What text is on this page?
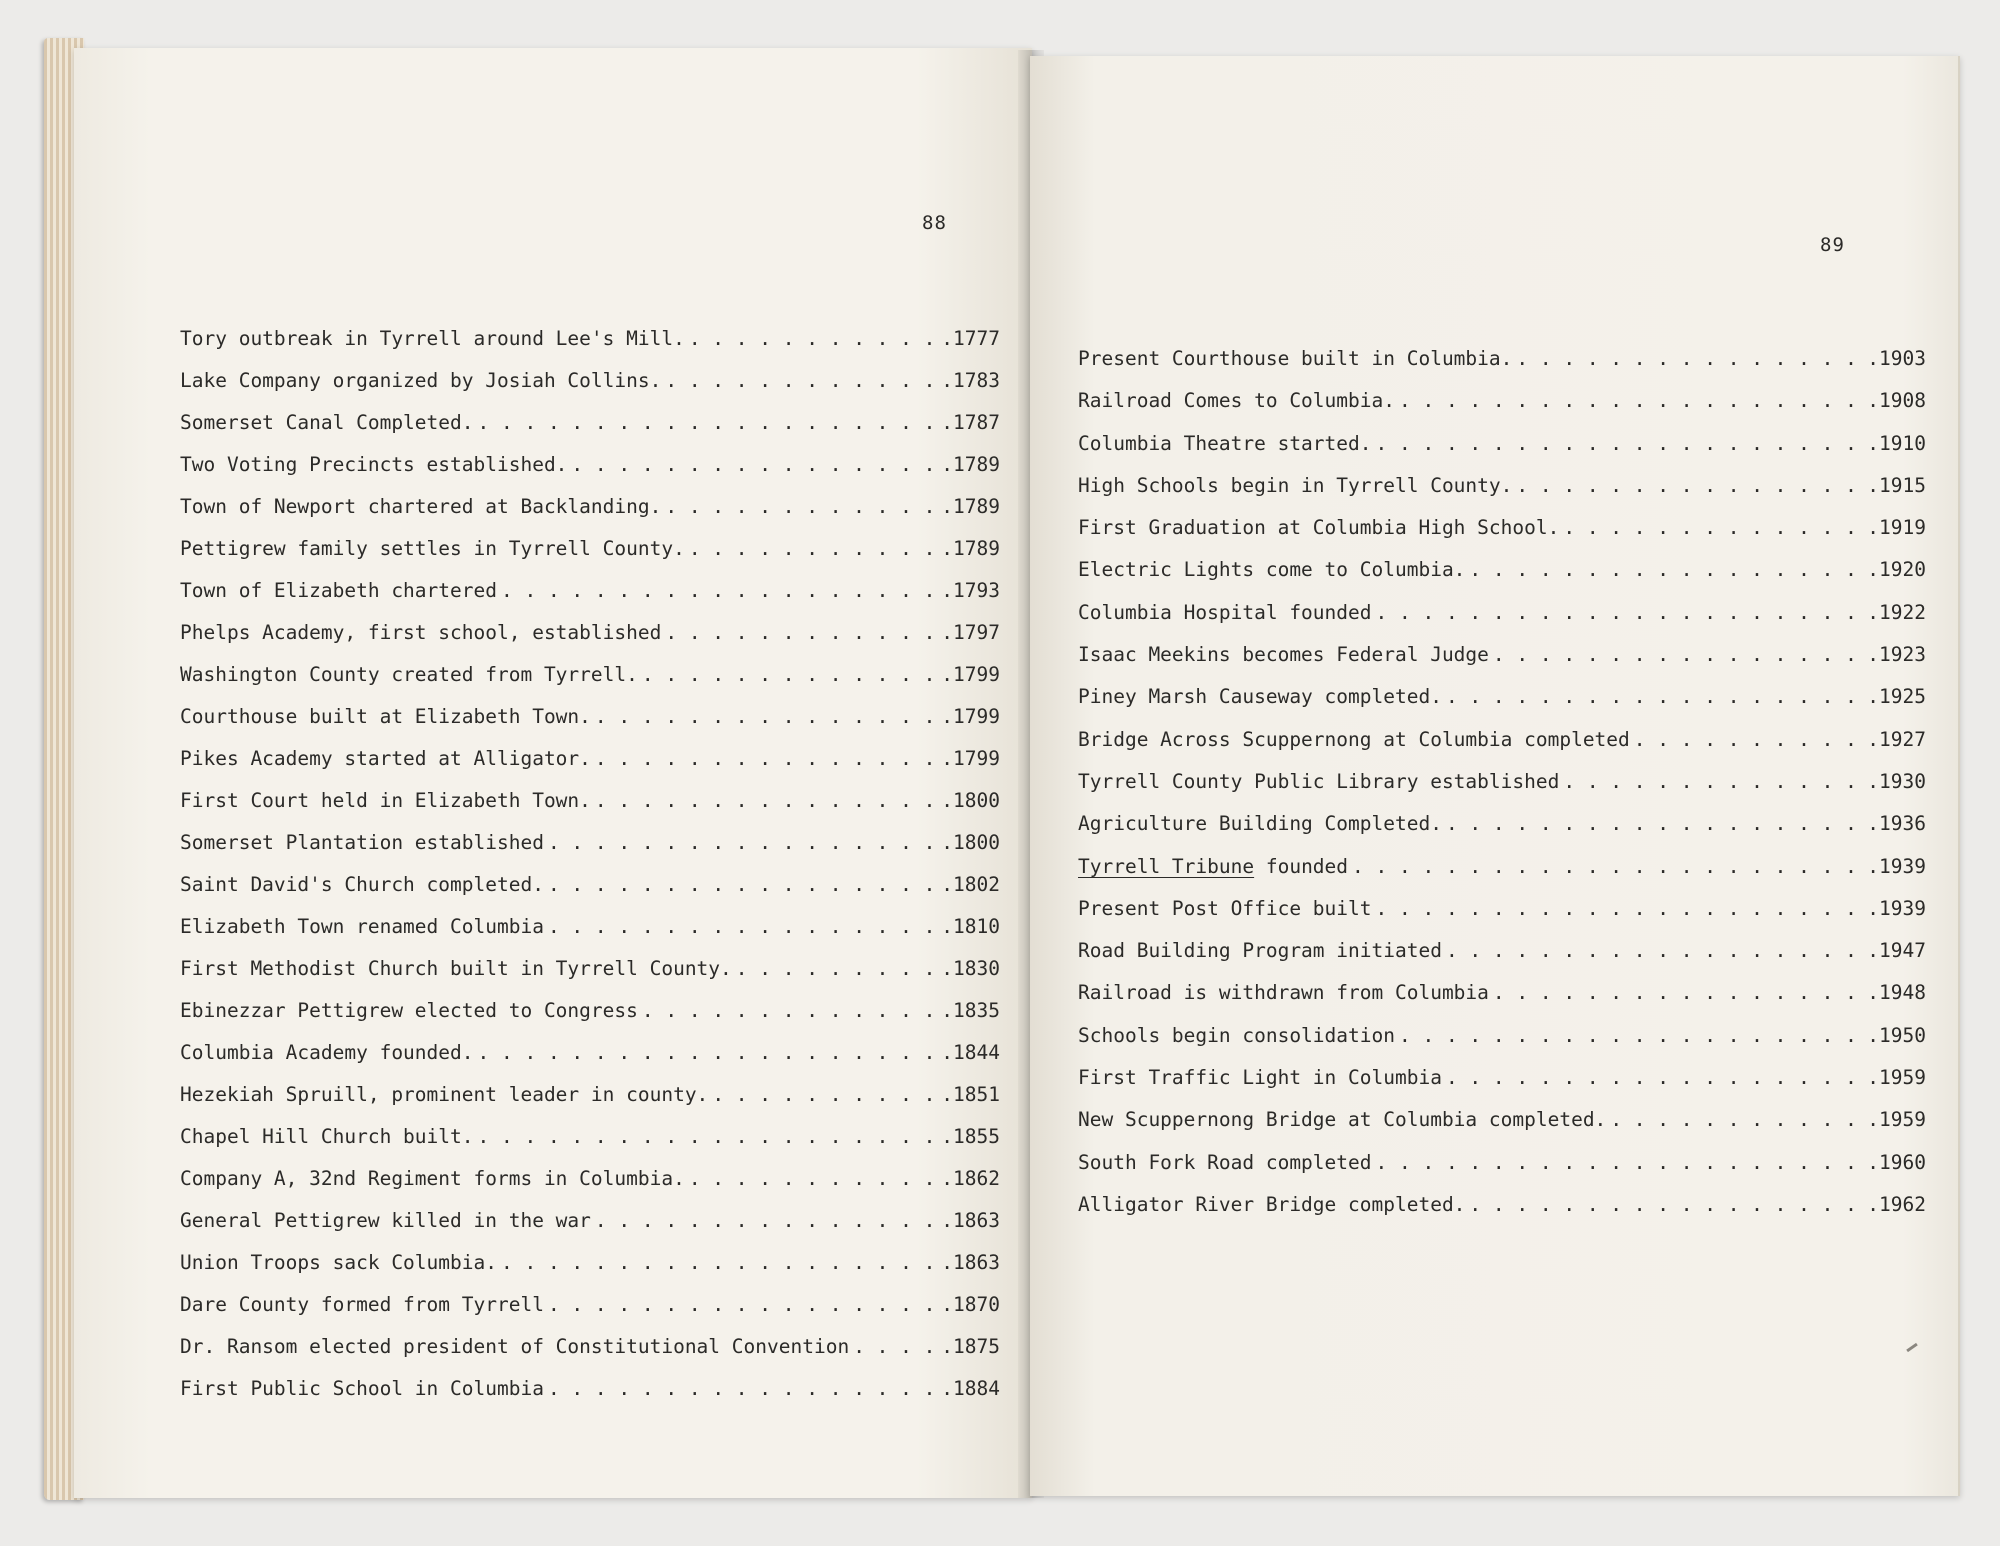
88
Tory outbreak in Tyrrell around Lee's Mill. . . .	.1777
Lake Company organized by Josiah Collins. . . .	.1783
Somerset Canal Completed. . . .	.1787
Two Voting Precincts established. . . .	.1789
Town of Newport chartered at Backlanding. . . .	.1789
Pettigrew family settles in Tyrrell County. . . .	.1789
Town of Elizabeth chartered . . .	.1793
Phelps Academy, first school, established . . .	.1797
Washington County created from Tyrrell. . . .	.1799
Courthouse built at Elizabeth Town. . . .	.1799
Pikes Academy started at Alligator. . . .	.1799
First Court held in Elizabeth Town. . . .	.1800
Somerset Plantation established . . .	.1800
Saint David's Church completed. . . .	.1802
Elizabeth Town renamed Columbia . . .	.1810
First Methodist Church built in Tyrrell County. . . .	.1830
Ebinezzar Pettigrew elected to Congress . . .	.1835
Columbia Academy founded. . . .	.1844
Hezekiah Spruill, prominent leader in county. . . .	.1851
Chapel Hill Church built. . . .	.1855
Company A, 32nd Regiment forms in Columbia. . . .	.1862
General Pettigrew killed in the war . . .	.1863
Union Troops sack Columbia. . . .	.1863
Dare County formed from Tyrrell . . .	.1870
Dr. Ransom elected president of Constitutional Convention . . .	.1875
First Public School in Columbia . . .	.1884
89
Present Courthouse built in Columbia. . . .	.1903
Railroad Comes to Columbia. . . .	.1908
Columbia Theatre started. . . .	.1910
High Schools begin in Tyrrell County. . . .	.1915
First Graduation at Columbia High School. . . .	.1919
Electric Lights come to Columbia. . . .	.1920
Columbia Hospital founded . . .	.1922
Isaac Meekins becomes Federal Judge . . .	.1923
Piney Marsh Causeway completed. . . .	.1925
Bridge Across Scuppernong at Columbia completed . . .	.1927
Tyrrell County Public Library established . . .	.1930
Agriculture Building Completed. . . .	.1936
Tyrrell Tribune founded . . .	.1939
Present Post Office built . . .	.1939
Road Building Program initiated . . .	.1947
Railroad is withdrawn from Columbia . . .	.1948
Schools begin consolidation . . .	.1950
First Traffic Light in Columbia . . .	.1959
New Scuppernong Bridge at Columbia completed. . . .	.1959
South Fork Road completed . . .	.1960
Alligator River Bridge completed. . . .	.1962
